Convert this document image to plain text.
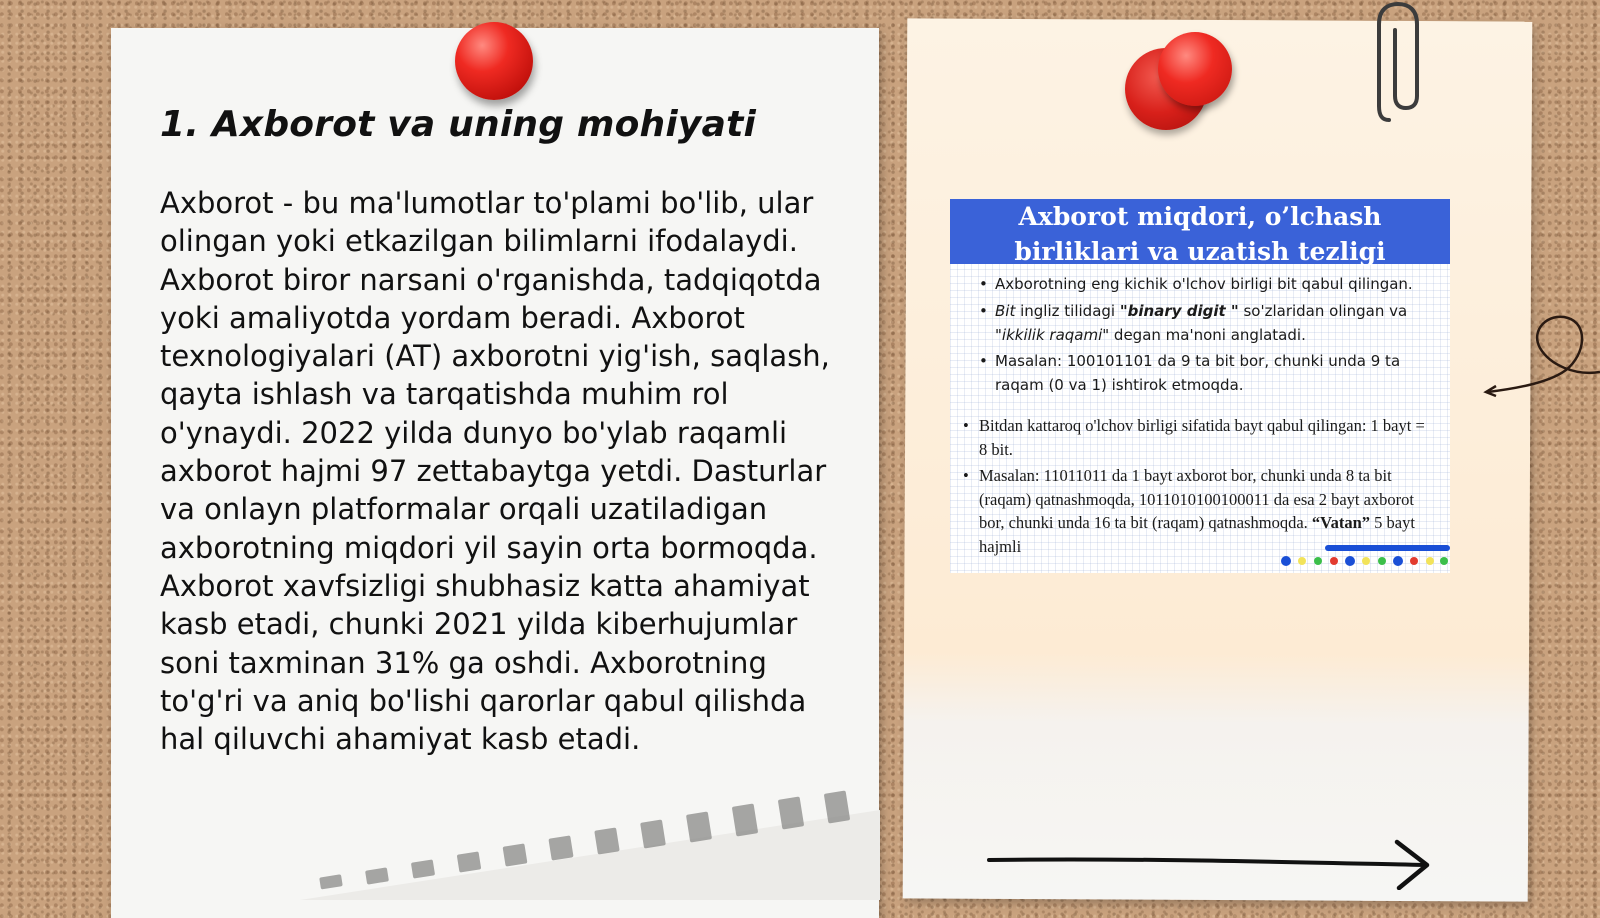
1. Axborot va uning mohiyati

Axborot - bu ma'lumotlar to'plami bo'lib, ular olingan yoki etkazilgan bilimlarni ifodalaydi. Axborot biror narsani o'rganishda, tadqiqotda yoki amaliyotda yordam beradi. Axborot texnologiyalari (AT) axborotni yig'ish, saqlash, qayta ishlash va tarqatishda muhim rol o'ynaydi. 2022 yilda dunyo bo'ylab raqamli axborot hajmi 97 zettabaytga yetdi. Dasturlar va onlayn platformalar orqali uzatiladigan axborotning miqdori yil sayin orta bormoqda. Axborot xavfsizligi shubhasiz katta ahamiyat kasb etadi, chunki 2021 yilda kiberhujumlar soni taxminan 31% ga oshdi. Axborotning to'g'ri va aniq bo'lishi qarorlar qabul qilishda hal qiluvchi ahamiyat kasb etadi.

Axborot miqdori, o’lchash
birliklari va uzatish tezligi

• Axborotning eng kichik o'lchov birligi bit qabul qilingan.

• Bit ingliz tilidagi "binary digit " so'zlaridan olingan va "ikkilik raqami" degan ma'noni anglatadi.

• Masalan: 100101101 da 9 ta bit bor, chunki unda 9 ta raqam (0 va 1) ishtirok etmoqda.

• Bitdan kattaroq o'lchov birligi sifatida bayt qabul qilingan: 1 bayt = 8 bit.

• Masalan: 11011011 da 1 bayt axborot bor, chunki unda 8 ta bit (raqam) qatnashmoqda, 1011010100100011 da esa 2 bayt axborot bor, chunki unda 16 ta bit (raqam) qatnashmoqda. “Vatan” 5 bayt hajmli
